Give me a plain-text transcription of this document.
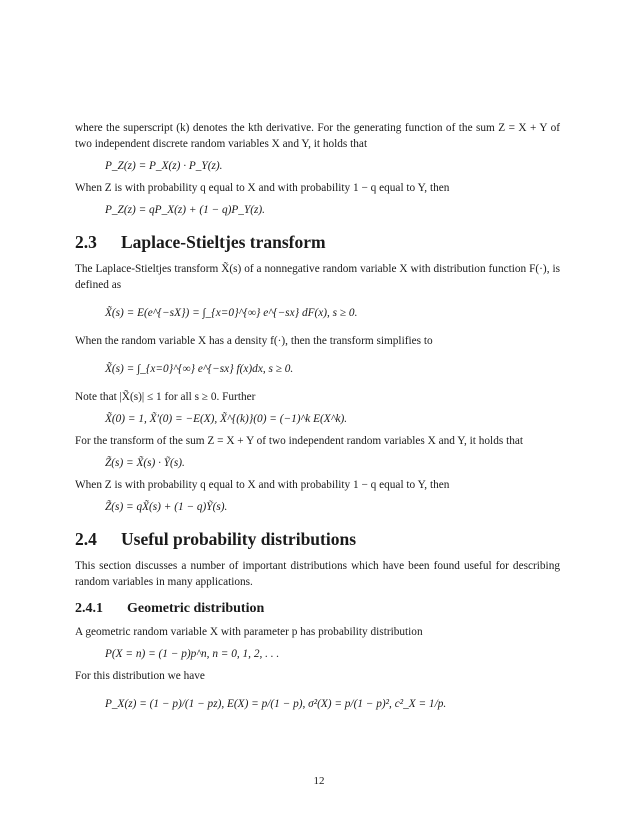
where the superscript (k) denotes the kth derivative. For the generating function of the sum Z = X + Y of two independent discrete random variables X and Y, it holds that

P_Z(z) = P_X(z) · P_Y(z).

When Z is with probability q equal to X and with probability 1 − q equal to Y, then

P_Z(z) = qP_X(z) + (1 − q)P_Y(z).
2.3 Laplace-Stieltjes transform

The Laplace-Stieltjes transform X̃(s) of a nonnegative random variable X with distribution function F(·), is defined as

X̃(s) = E(e^{−sX}) = ∫_{x=0}^{∞} e^{−sx} dF(x), s ≥ 0.

When the random variable X has a density f(·), then the transform simplifies to

X̃(s) = ∫_{x=0}^{∞} e^{−sx} f(x)dx, s ≥ 0.

Note that |X̃(s)| ≤ 1 for all s ≥ 0. Further

X̃(0) = 1, X̃′(0) = −E(X), X̃^{(k)}(0) = (−1)^k E(X^k).

For the transform of the sum Z = X + Y of two independent random variables X and Y, it holds that

Z̃(s) = X̃(s) · Ỹ(s).

When Z is with probability q equal to X and with probability 1 − q equal to Y, then

Z̃(s) = qX̃(s) + (1 − q)Ỹ(s).
2.4 Useful probability distributions

This section discusses a number of important distributions which have been found useful for describing random variables in many applications.

2.4.1 Geometric distribution

A geometric random variable X with parameter p has probability distribution

P(X = n) = (1 − p)p^n, n = 0, 1, 2, . . .

For this distribution we have

P_X(z) = (1 − p)/(1 − pz), E(X) = p/(1 − p), σ²(X) = p/(1 − p)², c²_X = 1/p.
12
